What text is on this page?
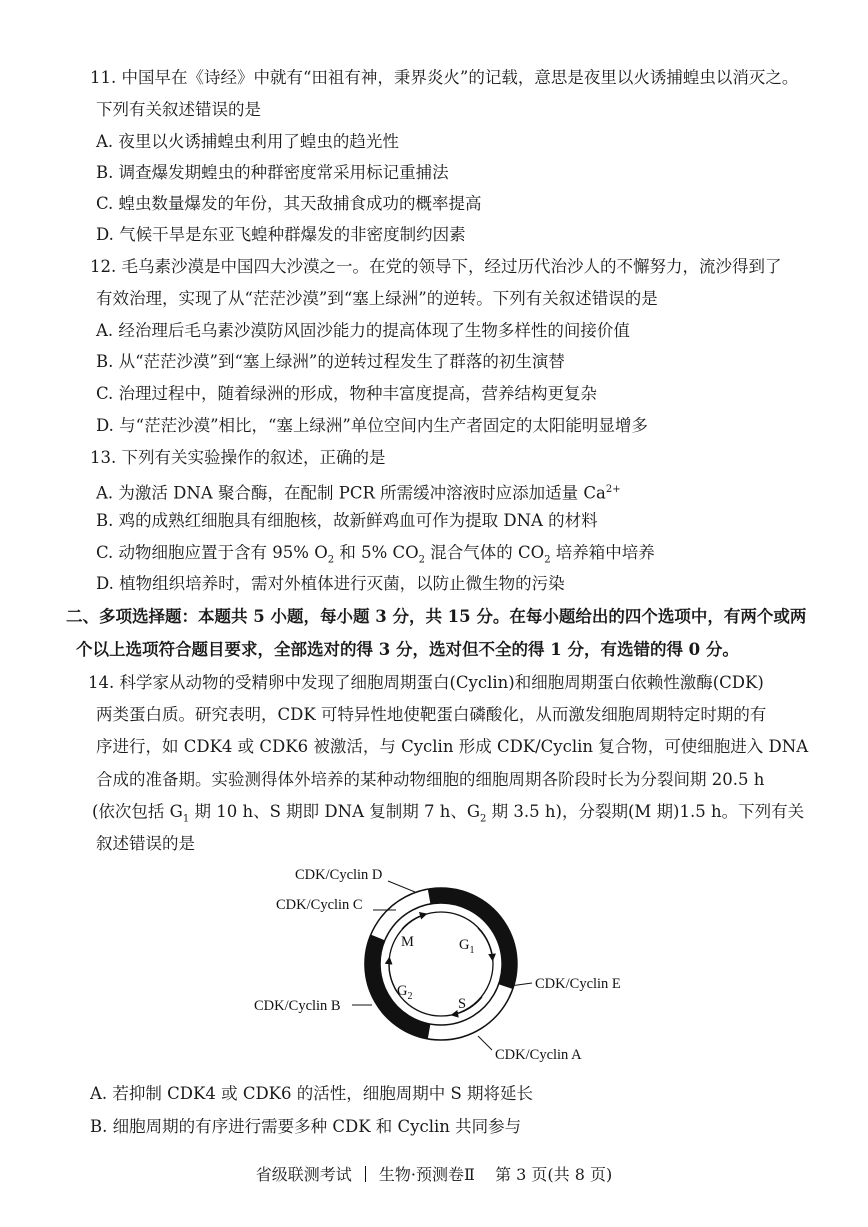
11. 中国早在《诗经》中就有“田祖有神，秉界炎火”的记载，意思是夜里以火诱捕蝗虫以消灭之。
下列有关叙述错误的是
A. 夜里以火诱捕蝗虫利用了蝗虫的趋光性
B. 调查爆发期蝗虫的种群密度常采用标记重捕法
C. 蝗虫数量爆发的年份，其天敌捕食成功的概率提高
D. 气候干旱是东亚飞蝗种群爆发的非密度制约因素
12. 毛乌素沙漠是中国四大沙漠之一。在党的领导下，经过历代治沙人的不懈努力，流沙得到了
有效治理，实现了从“茫茫沙漠”到“塞上绿洲”的逆转。下列有关叙述错误的是
A. 经治理后毛乌素沙漠防风固沙能力的提高体现了生物多样性的间接价值
B. 从“茫茫沙漠”到“塞上绿洲”的逆转过程发生了群落的初生演替
C. 治理过程中，随着绿洲的形成，物种丰富度提高，营养结构更复杂
D. 与“茫茫沙漠”相比，“塞上绿洲”单位空间内生产者固定的太阳能明显增多
13. 下列有关实验操作的叙述，正确的是
A. 为激活 DNA 聚合酶，在配制 PCR 所需缓冲溶液时应添加适量 $Ca^{2+}$
B. 鸡的成熟红细胞具有细胞核，故新鲜鸡血可作为提取 DNA 的材料
C. 动物细胞应置于含有 95% $O_2$ 和 5% $CO_2$ 混合气体的 $CO_2$ 培养箱中培养
D. 植物组织培养时，需对外植体进行灭菌，以防止微生物的污染
二、多项选择题：本题共 5 小题，每小题 3 分，共 15 分。在每小题给出的四个选项中，有两个或两
个以上选项符合题目要求，全部选对的得 3 分，选对但不全的得 1 分，有选错的得 0 分。
14. 科学家从动物的受精卵中发现了细胞周期蛋白(Cyclin)和细胞周期蛋白依赖性激酶(CDK)
两类蛋白质。研究表明，CDK 可特异性地使靶蛋白磷酸化，从而激发细胞周期特定时期的有
序进行，如 CDK4 或 CDK6 被激活，与 Cyclin 形成 CDK/Cyclin 复合物，可使细胞进入 DNA
合成的准备期。实验测得体外培养的某种动物细胞的细胞周期各阶段时长为分裂间期 20.5 h
(依次包括 $G_1$ 期 10 h、S 期即 DNA 复制期 7 h、$G_2$ 期 3.5 h)，分裂期(M 期)1.5 h。下列有关
叙述错误的是
M	$G_1$
$G_2$	S
CDK/Cyclin D
CDK/Cyclin C
CDK/Cyclin E
CDK/Cyclin B
CDK/Cyclin A
A. 若抑制 CDK4 或 CDK6 的活性，细胞周期中 S 期将延长
B. 细胞周期的有序进行需要多种 CDK 和 Cyclin 共同参与
省级联测考试 生物·预测卷Ⅱ 第 3 页(共 8 页)
